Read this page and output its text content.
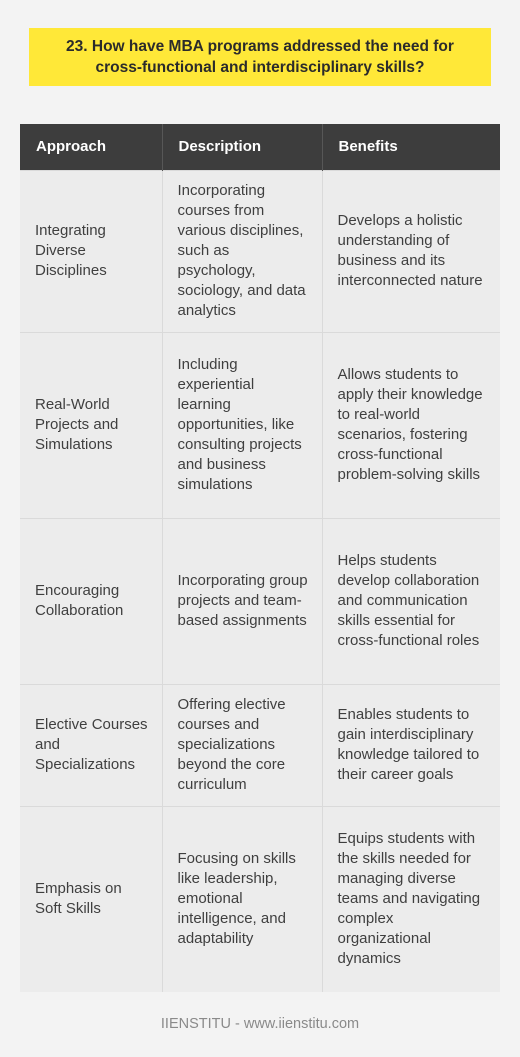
23. How have MBA programs addressed the need for cross-functional and interdisciplinary skills?
Approach	Description	Benefits
Integrating Diverse Disciplines	Incorporating courses from various disciplines, such as psychology, sociology, and data analytics	Develops a holistic understanding of business and its interconnected nature
Real-World Projects and Simulations	Including experiential learning opportunities, like consulting projects and business simulations	Allows students to apply their knowledge to real-world scenarios, fostering cross-functional problem-solving skills
Encouraging Collaboration	Incorporating group projects and team-based assignments	Helps students develop collaboration and communication skills essential for cross-functional roles
Elective Courses and Specializations	Offering elective courses and specializations beyond the core curriculum	Enables students to gain interdisciplinary knowledge tailored to their career goals
Emphasis on Soft Skills	Focusing on skills like leadership, emotional intelligence, and adaptability	Equips students with the skills needed for managing diverse teams and navigating complex organizational dynamics
IIENSTITU - www.iienstitu.com
